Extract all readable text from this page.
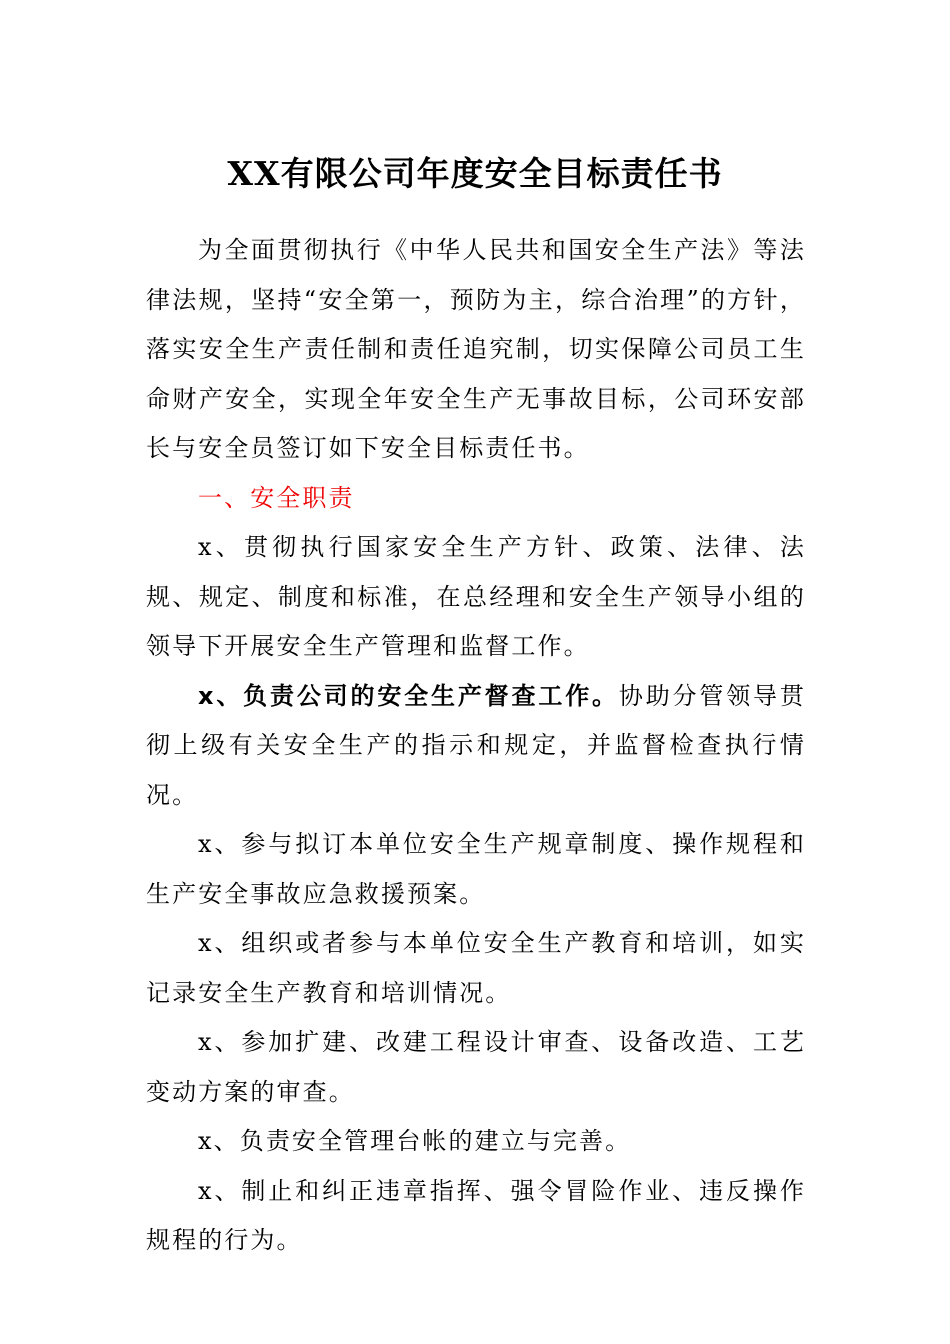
XX有限公司年度安全目标责任书

为全面贯彻执行《中华人民共和国安全生产法》等法律法规，坚持“安全第一，预防为主，综合治理”的方针，落实安全生产责任制和责任追究制，切实保障公司员工生命财产安全，实现全年安全生产无事故目标，公司环安部长与安全员签订如下安全目标责任书。

一、安全职责

x、贯彻执行国家安全生产方针、政策、法律、法规、规定、制度和标准，在总经理和安全生产领导小组的领导下开展安全生产管理和监督工作。

x、负责公司的安全生产督查工作。协助分管领导贯彻上级有关安全生产的指示和规定，并监督检查执行情况。

x、参与拟订本单位安全生产规章制度、操作规程和生产安全事故应急救援预案。

x、组织或者参与本单位安全生产教育和培训，如实记录安全生产教育和培训情况。

x、参加扩建、改建工程设计审查、设备改造、工艺变动方案的审查。

x、负责安全管理台帐的建立与完善。

x、制止和纠正违章指挥、强令冒险作业、违反操作规程的行为。
